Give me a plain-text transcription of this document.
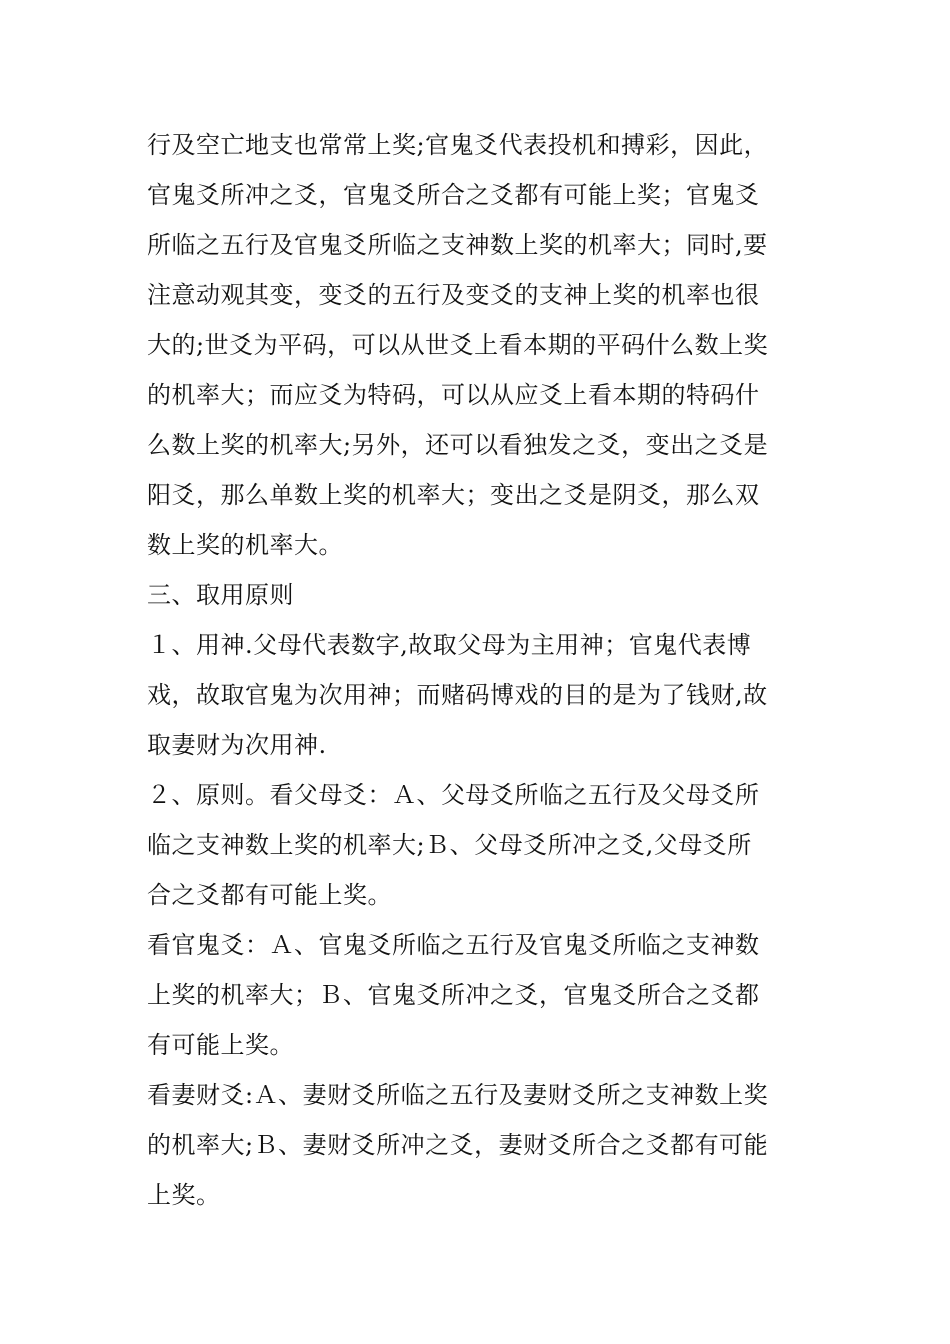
行及空亡地支也常常上奖;官鬼爻代表投机和搏彩，因此，
官鬼爻所冲之爻，官鬼爻所合之爻都有可能上奖；官鬼爻
所临之五行及官鬼爻所临之支神数上奖的机率大；同时,要
注意动观其变，变爻的五行及变爻的支神上奖的机率也很
大的;世爻为平码，可以从世爻上看本期的平码什么数上奖
的机率大；而应爻为特码，可以从应爻上看本期的特码什
么数上奖的机率大;另外，还可以看独发之爻，变出之爻是
阳爻，那么单数上奖的机率大；变出之爻是阴爻，那么双
数上奖的机率大。
三、取用原则
１、用神.父母代表数字,故取父母为主用神；官鬼代表博
戏，故取官鬼为次用神；而赌码博戏的目的是为了钱财,故
取妻财为次用神.
２、原则。看父母爻：Ａ、父母爻所临之五行及父母爻所
临之支神数上奖的机率大;Ｂ、父母爻所冲之爻,父母爻所
合之爻都有可能上奖。
看官鬼爻：Ａ、官鬼爻所临之五行及官鬼爻所临之支神数
上奖的机率大；Ｂ、官鬼爻所冲之爻，官鬼爻所合之爻都
有可能上奖。
看妻财爻:Ａ、妻财爻所临之五行及妻财爻所之支神数上奖
的机率大;Ｂ、妻财爻所冲之爻，妻财爻所合之爻都有可能
上奖。
